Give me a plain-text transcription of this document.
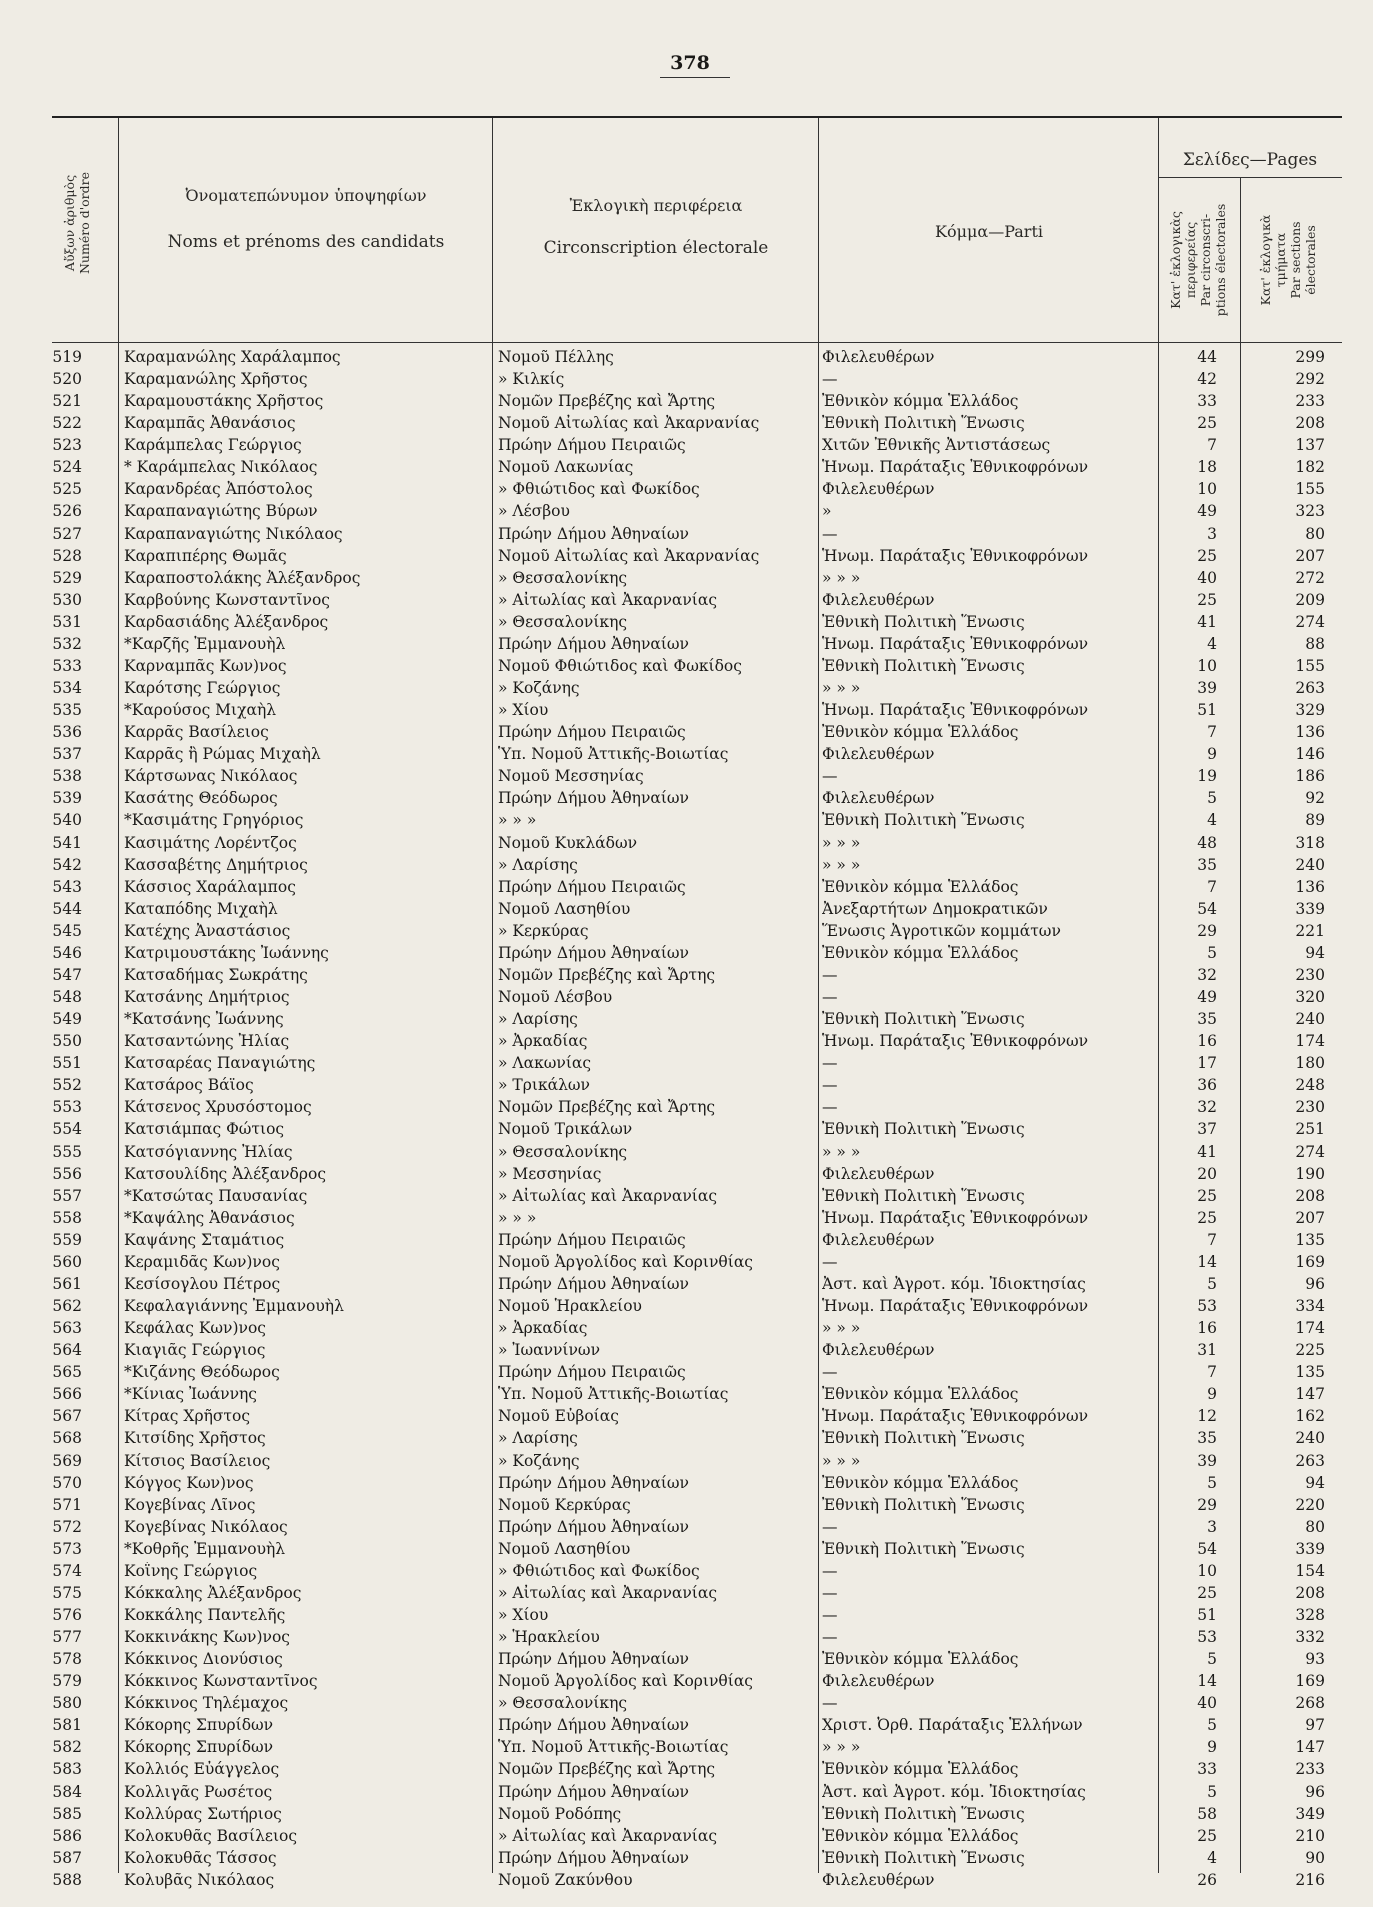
378
Αὔξων ἀριθμὸς Numéro d'ordre	Ὀνοματεπώνυμον ὑποψηφίων
Noms et prénoms des candidats
Ἐκλογικὴ περιφέρεια
Circonscription électorale
Κόμμα—Parti
Σελίδες—Pages
Κατ' ἐκλογικὰς περιφερείας Par circonscri- ptions électorales Κατ' ἐκλογικὰ τμήματα Par sections électorales
519	Καραμανώλης Χαράλαμπος	Νομοῦ Πέλλης	Φιλελευθέρων	44	299
520	Καραμανώλης Χρῆστος	» Κιλκίς	—	42	292
521	Καραμουστάκης Χρῆστος	Νομῶν Πρεβέζης καὶ Ἄρτης	Ἐθνικὸν κόμμα Ἑλλάδος	33	233
522	Καραμπᾶς Ἀθανάσιος	Νομοῦ Αἰτωλίας καὶ Ἀκαρνανίας	Ἐθνικὴ Πολιτικὴ Ἕνωσις	25	208
523	Καράμπελας Γεώργιος	Πρώην Δήμου Πειραιῶς	Χιτῶν Ἐθνικῆς Ἀντιστάσεως	7	137
524	* Καράμπελας Νικόλαος	Νομοῦ Λακωνίας	Ἡνωμ. Παράταξις Ἐθνικοφρόνων	18	182
525	Καρανδρέας Ἀπόστολος	» Φθιώτιδος καὶ Φωκίδος	Φιλελευθέρων	10	155
526	Καραπαναγιώτης Βύρων	» Λέσβου	»	49	323
527	Καραπαναγιώτης Νικόλαος	Πρώην Δήμου Ἀθηναίων	—	3	80
528	Καραπιπέρης Θωμᾶς	Νομοῦ Αἰτωλίας καὶ Ἀκαρνανίας	Ἡνωμ. Παράταξις Ἐθνικοφρόνων	25	207
529	Καραποστολάκης Ἀλέξανδρος	» Θεσσαλονίκης	» » »	40	272
530	Καρβούνης Κωνσταντῖνος	» Αἰτωλίας καὶ Ἀκαρνανίας	Φιλελευθέρων	25	209
531	Καρδασιάδης Ἀλέξανδρος	» Θεσσαλονίκης	Ἐθνικὴ Πολιτικὴ Ἕνωσις	41	274
532	*Καρζῆς Ἐμμανουὴλ	Πρώην Δήμου Ἀθηναίων	Ἡνωμ. Παράταξις Ἐθνικοφρόνων	4	88
533	Καρναμπᾶς Κων)νος	Νομοῦ Φθιώτιδος καὶ Φωκίδος	Ἐθνικὴ Πολιτικὴ Ἕνωσις	10	155
534	Καρότσης Γεώργιος	» Κοζάνης	» » »	39	263
535	*Καρούσος Μιχαὴλ	» Χίου	Ἡνωμ. Παράταξις Ἐθνικοφρόνων	51	329
536	Καρρᾶς Βασίλειος	Πρώην Δήμου Πειραιῶς	Ἐθνικὸν κόμμα Ἑλλάδος	7	136
537	Καρρᾶς ἢ Ρώμας Μιχαὴλ	Ὑπ. Νομοῦ Ἀττικῆς-Βοιωτίας	Φιλελευθέρων	9	146
538	Κάρτσωνας Νικόλαος	Νομοῦ Μεσσηνίας	—	19	186
539	Κασάτης Θεόδωρος	Πρώην Δήμου Ἀθηναίων	Φιλελευθέρων	5	92
540	*Κασιμάτης Γρηγόριος	» » »	Ἐθνικὴ Πολιτικὴ Ἕνωσις	4	89
541	Κασιμάτης Λορέντζος	Νομοῦ Κυκλάδων	» » »	48	318
542	Κασσαβέτης Δημήτριος	» Λαρίσης	» » »	35	240
543	Κάσσιος Χαράλαμπος	Πρώην Δήμου Πειραιῶς	Ἐθνικὸν κόμμα Ἑλλάδος	7	136
544	Καταπόδης Μιχαὴλ	Νομοῦ Λασηθίου	Ἀνεξαρτήτων Δημοκρατικῶν	54	339
545	Κατέχης Ἀναστάσιος	» Κερκύρας	Ἕνωσις Ἀγροτικῶν κομμάτων	29	221
546	Κατριμουστάκης Ἰωάννης	Πρώην Δήμου Ἀθηναίων	Ἐθνικὸν κόμμα Ἑλλάδος	5	94
547	Κατσαδήμας Σωκράτης	Νομῶν Πρεβέζης καὶ Ἄρτης	—	32	230
548	Κατσάνης Δημήτριος	Νομοῦ Λέσβου	—	49	320
549	*Κατσάνης Ἰωάννης	» Λαρίσης	Ἐθνικὴ Πολιτικὴ Ἕνωσις	35	240
550	Κατσαντώνης Ἠλίας	» Ἀρκαδίας	Ἡνωμ. Παράταξις Ἐθνικοφρόνων	16	174
551	Κατσαρέας Παναγιώτης	» Λακωνίας	—	17	180
552	Κατσάρος Βάϊος	» Τρικάλων	—	36	248
553	Κάτσενος Χρυσόστομος	Νομῶν Πρεβέζης καὶ Ἄρτης	—	32	230
554	Κατσιάμπας Φώτιος	Νομοῦ Τρικάλων	Ἐθνικὴ Πολιτικὴ Ἕνωσις	37	251
555	Κατσόγιαννης Ἠλίας	» Θεσσαλονίκης	» » »	41	274
556	Κατσουλίδης Ἀλέξανδρος	» Μεσσηνίας	Φιλελευθέρων	20	190
557	*Κατσώτας Παυσανίας	» Αἰτωλίας καὶ Ἀκαρνανίας	Ἐθνικὴ Πολιτικὴ Ἕνωσις	25	208
558	*Καψάλης Ἀθανάσιος	» » »	Ἡνωμ. Παράταξις Ἐθνικοφρόνων	25	207
559	Καψάνης Σταμάτιος	Πρώην Δήμου Πειραιῶς	Φιλελευθέρων	7	135
560	Κεραμιδᾶς Κων)νος	Νομοῦ Ἀργολίδος καὶ Κορινθίας	—	14	169
561	Κεσίσογλου Πέτρος	Πρώην Δήμου Ἀθηναίων	Ἀστ. καὶ Ἀγροτ. κόμ. Ἰδιοκτησίας	5	96
562	Κεφαλαγιάννης Ἐμμανουὴλ	Νομοῦ Ἡρακλείου	Ἡνωμ. Παράταξις Ἐθνικοφρόνων	53	334
563	Κεφάλας Κων)νος	» Ἀρκαδίας	» » »	16	174
564	Κιαγιᾶς Γεώργιος	» Ἰωαννίνων	Φιλελευθέρων	31	225
565	*Κιζάνης Θεόδωρος	Πρώην Δήμου Πειραιῶς	—	7	135
566	*Κίνιας Ἰωάννης	Ὑπ. Νομοῦ Ἀττικῆς-Βοιωτίας	Ἐθνικὸν κόμμα Ἑλλάδος	9	147
567	Κίτρας Χρῆστος	Νομοῦ Εὐβοίας	Ἡνωμ. Παράταξις Ἐθνικοφρόνων	12	162
568	Κιτσίδης Χρῆστος	» Λαρίσης	Ἐθνικὴ Πολιτικὴ Ἕνωσις	35	240
569	Κίτσιος Βασίλειος	» Κοζάνης	» » »	39	263
570	Κόγγος Κων)νος	Πρώην Δήμου Ἀθηναίων	Ἐθνικὸν κόμμα Ἑλλάδος	5	94
571	Κογεβίνας Λῖνος	Νομοῦ Κερκύρας	Ἐθνικὴ Πολιτικὴ Ἕνωσις	29	220
572	Κογεβίνας Νικόλαος	Πρώην Δήμου Ἀθηναίων	—	3	80
573	*Κοθρῆς Ἐμμανουὴλ	Νομοῦ Λασηθίου	Ἐθνικὴ Πολιτικὴ Ἕνωσις	54	339
574	Κοΐνης Γεώργιος	» Φθιώτιδος καὶ Φωκίδος	—	10	154
575	Κόκκαλης Ἀλέξανδρος	» Αἰτωλίας καὶ Ἀκαρνανίας	—	25	208
576	Κοκκάλης Παντελῆς	» Χίου	—	51	328
577	Κοκκινάκης Κων)νος	» Ἡρακλείου	—	53	332
578	Κόκκινος Διονύσιος	Πρώην Δήμου Ἀθηναίων	Ἐθνικὸν κόμμα Ἑλλάδος	5	93
579	Κόκκινος Κωνσταντῖνος	Νομοῦ Ἀργολίδος καὶ Κορινθίας	Φιλελευθέρων	14	169
580	Κόκκινος Τηλέμαχος	» Θεσσαλονίκης	—	40	268
581	Κόκορης Σπυρίδων	Πρώην Δήμου Ἀθηναίων	Χριστ. Ὀρθ. Παράταξις Ἑλλήνων	5	97
582	Κόκορης Σπυρίδων	Ὑπ. Νομοῦ Ἀττικῆς-Βοιωτίας	» » »	9	147
583	Κολλιός Εὐάγγελος	Νομῶν Πρεβέζης καὶ Ἄρτης	Ἐθνικὸν κόμμα Ἑλλάδος	33	233
584	Κολλιγᾶς Ρωσέτος	Πρώην Δήμου Ἀθηναίων	Ἀστ. καὶ Ἀγροτ. κόμ. Ἰδιοκτησίας	5	96
585	Κολλύρας Σωτήριος	Νομοῦ Ροδόπης	Ἐθνικὴ Πολιτικὴ Ἕνωσις	58	349
586	Κολοκυθᾶς Βασίλειος	» Αἰτωλίας καὶ Ἀκαρνανίας	Ἐθνικὸν κόμμα Ἑλλάδος	25	210
587	Κολοκυθᾶς Τάσσος	Πρώην Δήμου Ἀθηναίων	Ἐθνικὴ Πολιτικὴ Ἕνωσις	4	90
588	Κολυβᾶς Νικόλαος	Νομοῦ Ζακύνθου	Φιλελευθέρων	26	216
